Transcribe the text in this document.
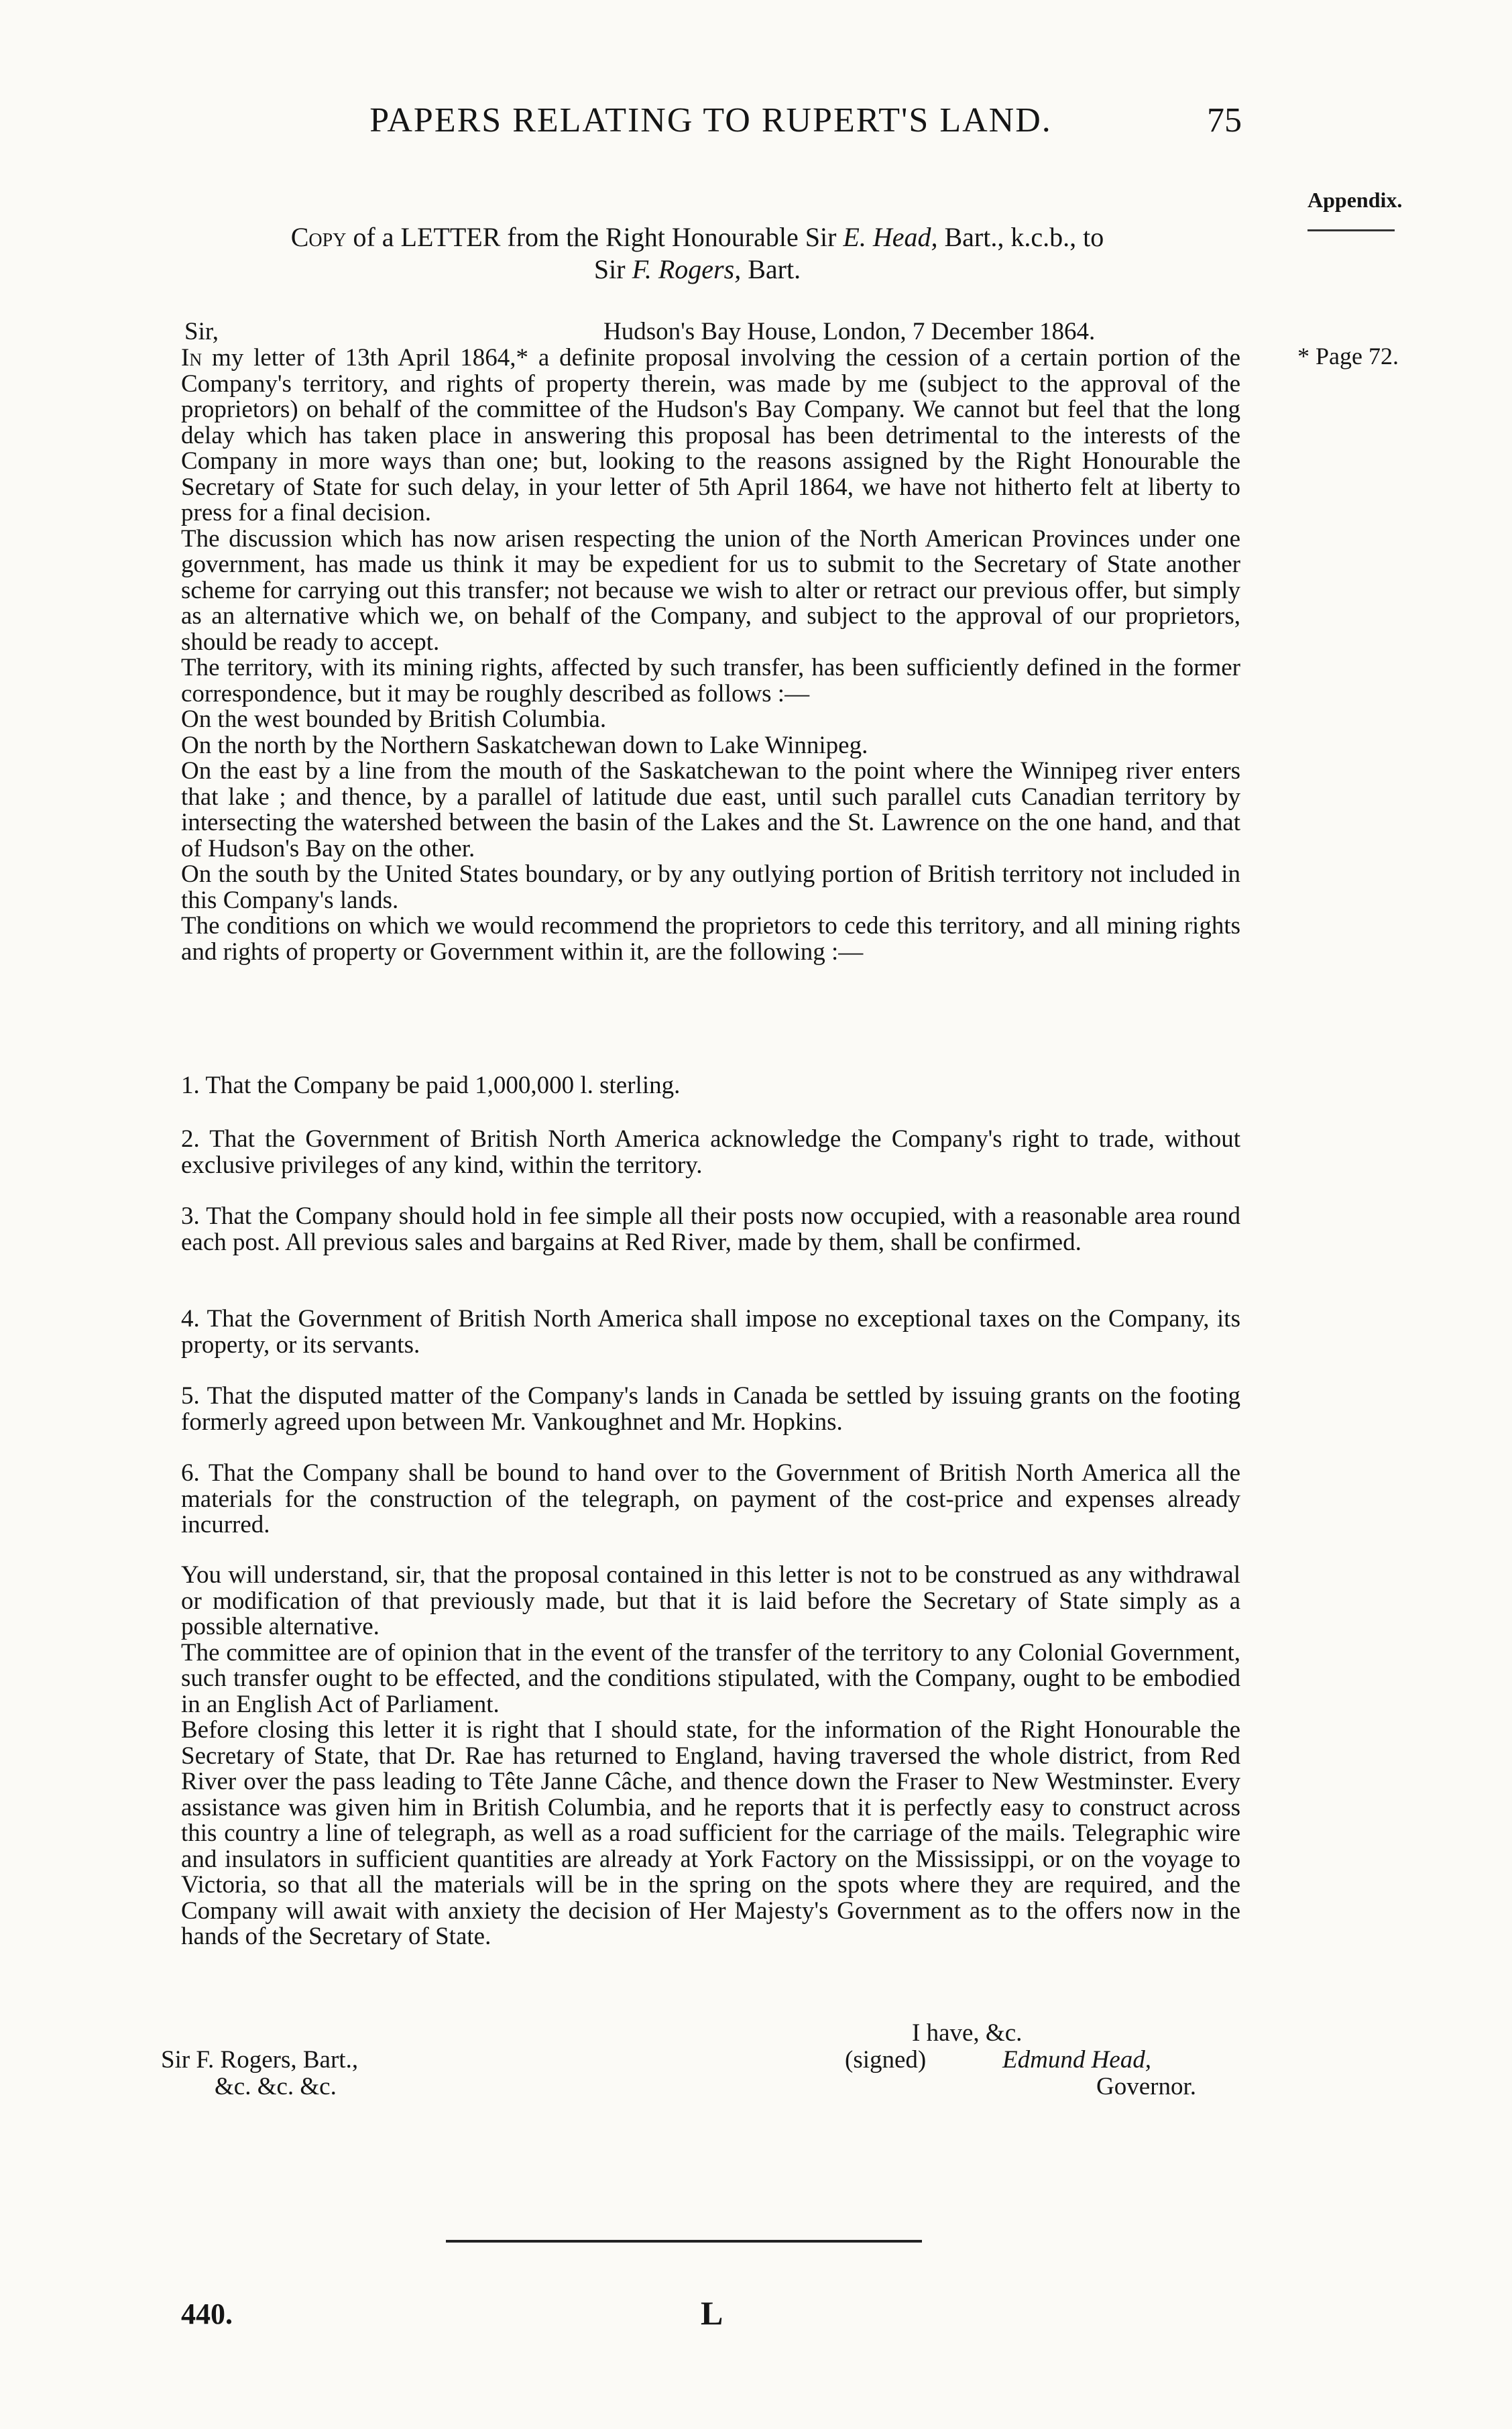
PAPERS RELATING TO RUPERT'S LAND.	75
Appendix.
* Page 72.
Copy of a LETTER from the Right Honourable Sir E. Head, Bart., k.c.b., to
Sir F. Rogers, Bart.
Sir,	Hudson's Bay House, London, 7 December 1864.

In my letter of 13th April 1864,* a definite proposal involving the cession of a certain portion of the Company's territory, and rights of property therein, was made by me (subject to the approval of the proprietors) on behalf of the committee of the Hudson's Bay Company. We cannot but feel that the long delay which has taken place in answering this proposal has been detrimental to the interests of the Company in more ways than one; but, looking to the reasons assigned by the Right Honourable the Secretary of State for such delay, in your letter of 5th April 1864, we have not hitherto felt at liberty to press for a final decision.

The discussion which has now arisen respecting the union of the North American Provinces under one government, has made us think it may be expedient for us to submit to the Secretary of State another scheme for carrying out this transfer; not because we wish to alter or retract our previous offer, but simply as an alternative which we, on behalf of the Company, and subject to the approval of our proprietors, should be ready to accept.

The territory, with its mining rights, affected by such transfer, has been sufficiently defined in the former correspondence, but it may be roughly described as follows :—

On the west bounded by British Columbia.

On the north by the Northern Saskatchewan down to Lake Winnipeg.

On the east by a line from the mouth of the Saskatchewan to the point where the Winnipeg river enters that lake ; and thence, by a parallel of latitude due east, until such parallel cuts Canadian territory by intersecting the watershed between the basin of the Lakes and the St. Lawrence on the one hand, and that of Hudson's Bay on the other.

On the south by the United States boundary, or by any outlying portion of British territory not included in this Company's lands.

The conditions on which we would recommend the proprietors to cede this territory, and all mining rights and rights of property or Government within it, are the following :—

1. That the Company be paid 1,000,000 l. sterling.
2. That the Government of British North America acknowledge the Company's right to trade, without exclusive privileges of any kind, within the territory.
3. That the Company should hold in fee simple all their posts now occupied, with a reasonable area round each post. All previous sales and bargains at Red River, made by them, shall be confirmed.
4. That the Government of British North America shall impose no exceptional taxes on the Company, its property, or its servants.
5. That the disputed matter of the Company's lands in Canada be settled by issuing grants on the footing formerly agreed upon between Mr. Vankoughnet and Mr. Hopkins.
6. That the Company shall be bound to hand over to the Government of British North America all the materials for the construction of the telegraph, on payment of the cost-price and expenses already incurred.

You will understand, sir, that the proposal contained in this letter is not to be construed as any withdrawal or modification of that previously made, but that it is laid before the Secretary of State simply as a possible alternative.

The committee are of opinion that in the event of the transfer of the territory to any Colonial Government, such transfer ought to be effected, and the conditions stipulated, with the Company, ought to be embodied in an English Act of Parliament.

Before closing this letter it is right that I should state, for the information of the Right Honourable the Secretary of State, that Dr. Rae has returned to England, having traversed the whole district, from Red River over the pass leading to Tête Janne Câche, and thence down the Fraser to New Westminster. Every assistance was given him in British Columbia, and he reports that it is perfectly easy to construct across this country a line of telegraph, as well as a road sufficient for the carriage of the mails. Telegraphic wire and insulators in sufficient quantities are already at York Factory on the Mississippi, or on the voyage to Victoria, so that all the materials will be in the spring on the spots where they are required, and the Company will await with anxiety the decision of Her Majesty's Government as to the offers now in the hands of the Secretary of State.

I have, &c.
(signed)	Edmund Head,
Governor.
Sir F. Rogers, Bart.,
&c. &c. &c.
440.	L
